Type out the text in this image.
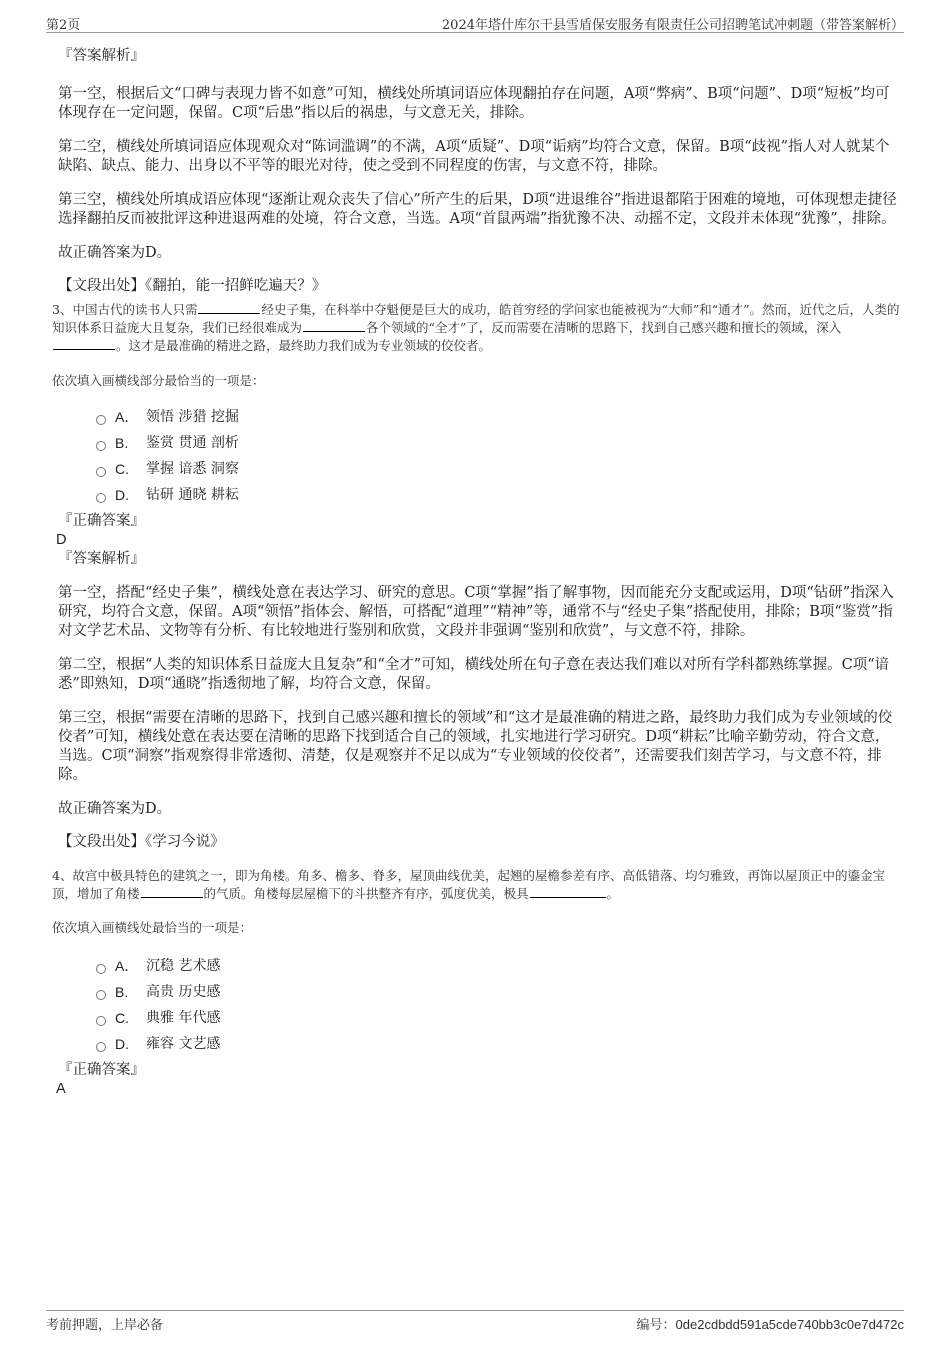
第2页	2024年塔什库尔干县雪盾保安服务有限责任公司招聘笔试冲刺题（带答案解析）

『答案解析』

第一空，根据后文“口碑与表现力皆不如意”可知，横线处所填词语应体现翻拍存在问题，A项“弊病”、B项“问题”、D项“短板”均可体现存在一定问题，保留。C项“后患”指以后的祸患，与文意无关，排除。

第二空，横线处所填词语应体现观众对“陈词滥调”的不满，A项“质疑”、D项“诟病”均符合文意，保留。B项“歧视”指人对人就某个缺陷、缺点、能力、出身以不平等的眼光对待，使之受到不同程度的伤害，与文意不符，排除。

第三空，横线处所填成语应体现“逐渐让观众丧失了信心”所产生的后果，D项“进退维谷”指进退都陷于困难的境地，可体现想走捷径选择翻拍反而被批评这种进退两难的处境，符合文意，当选。A项“首鼠两端”指犹豫不决、动摇不定，文段并未体现“犹豫”，排除。

故正确答案为D。

【文段出处】《翻拍，能一招鲜吃遍天？》

3、中国古代的读书人只需	经史子集，在科举中夺魁便是巨大的成功，皓首穷经的学问家也能被视为“大师”和“通才”。然而，近代之后，人类的知识体系日益庞大且复杂，我们已经很难成为	各个领域的“全才”了，反而需要在清晰的思路下，找到自己感兴趣和擅长的领域，深入。这才是最准确的精进之路，最终助力我们成为专业领域的佼佼者。

依次填入画横线部分最恰当的一项是：

A． 领悟 涉猎 挖掘
B.	鉴赏 贯通 剖析
C.	掌握 谙悉 洞察
D.	钻研 通晓 耕耘

『正确答案』

D

『答案解析』

第一空，搭配“经史子集”，横线处意在表达学习、研究的意思。C项“掌握”指了解事物，因而能充分支配或运用，D项“钻研”指深入研究，均符合文意，保留。A项“领悟”指体会、解悟，可搭配“道理”“精神”等，通常不与“经史子集”搭配使用，排除；B项“鉴赏”指对文学艺术品、文物等有分析、有比较地进行鉴别和欣赏，文段并非强调“鉴别和欣赏”，与文意不符，排除。

第二空，根据“人类的知识体系日益庞大且复杂”和“全才”可知，横线处所在句子意在表达我们难以对所有学科都熟练掌握。C项“谙悉”即熟知，D项“通晓”指透彻地了解，均符合文意，保留。

第三空，根据“需要在清晰的思路下，找到自己感兴趣和擅长的领域”和“这才是最准确的精进之路，最终助力我们成为专业领域的佼佼者”可知，横线处意在表达要在清晰的思路下找到适合自己的领域，扎实地进行学习研究。D项“耕耘”比喻辛勤劳动，符合文意，当选。C项“洞察”指观察得非常透彻、清楚，仅是观察并不足以成为“专业领域的佼佼者”，还需要我们刻苦学习，与文意不符，排除。

故正确答案为D。

【文段出处】《学习今说》

4、故宫中极具特色的建筑之一，即为角楼。角多、檐多、脊多，屋顶曲线优美，起翘的屋檐参差有序、高低错落、均匀雅致，再饰以屋顶正中的鎏金宝顶，增加了角楼	的气质。角楼每层屋檐下的斗拱整齐有序，弧度优美，极具	。

依次填入画横线处最恰当的一项是：

A． 沉稳 艺术感
B.	高贵 历史感
C.	典雅 年代感
D.	雍容 文艺感

『正确答案』

A

考前押题，上岸必备	编号：0de2cdbdd591a5cde740bb3c0e7d472c
